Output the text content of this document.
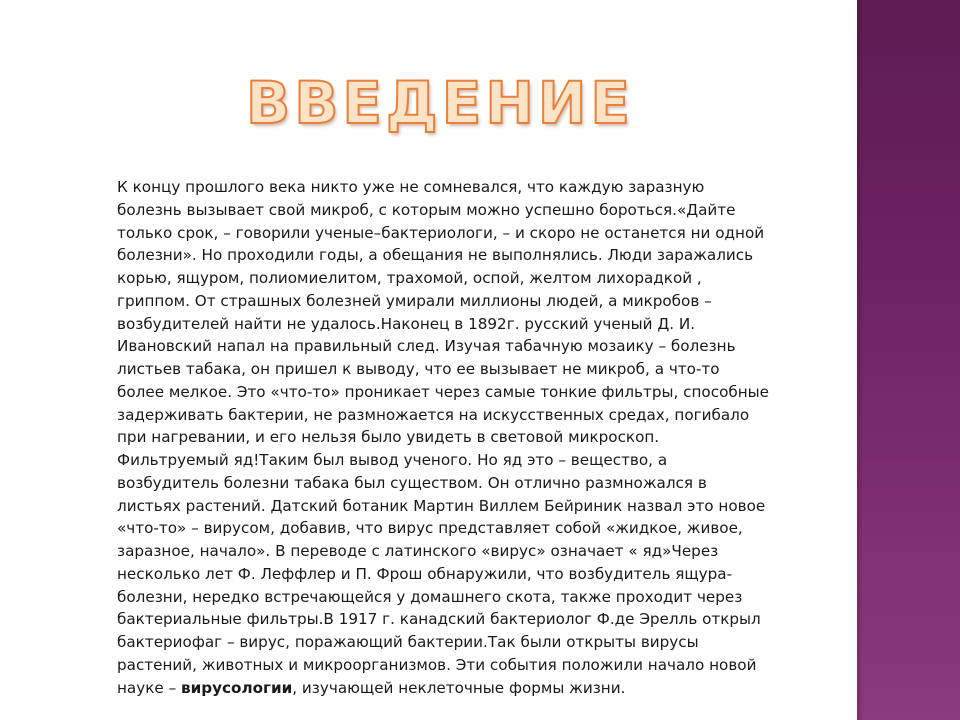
ВВЕДЕНИЕ

К концу прошлого века никто уже не сомневался, что каждую заразную
болезнь вызывает свой микроб, с которым можно успешно бороться.«Дайте
только срок, – говорили ученые–бактериологи, – и скоро не останется ни одной
болезни». Но проходили годы, а обещания не выполнялись. Люди заражались
корью, ящуром, полиомиелитом, трахомой, оспой, желтом лихорадкой ,
гриппом. От страшных болезней умирали миллионы людей, а микробов –
возбудителей найти не удалось.Наконец в 1892г. русский ученый Д. И.
Ивановский напал на правильный след. Изучая табачную мозаику – болезнь
листьев табака, он пришел к выводу, что ее вызывает не микроб, а что-то
более мелкое. Это «что-то» проникает через самые тонкие фильтры, способные
задерживать бактерии, не размножается на искусственных средах, погибало
при нагревании, и его нельзя было увидеть в световой микроскоп.
Фильтруемый яд!Таким был вывод ученого. Но яд это – вещество, а
возбудитель болезни табака был существом. Он отлично размножался в
листьях растений. Датский ботаник Мартин Виллем Бейриник назвал это новое
«что-то» – вирусом, добавив, что вирус представляет собой «жидкое, живое,
заразное, начало». В переводе с латинского «вирус» означает « яд»Через
несколько лет Ф. Леффлер и П. Фрош обнаружили, что возбудитель ящура-
болезни, нередко встречающейся у домашнего скота, также проходит через
бактериальные фильтры.В 1917 г. канадский бактериолог Ф.де Эрелль открыл
бактериофаг – вирус, поражающий бактерии.Так были открыты вирусы
растений, животных и микроорганизмов. Эти события положили начало новой
науке – вирусологии, изучающей неклеточные формы жизни.
